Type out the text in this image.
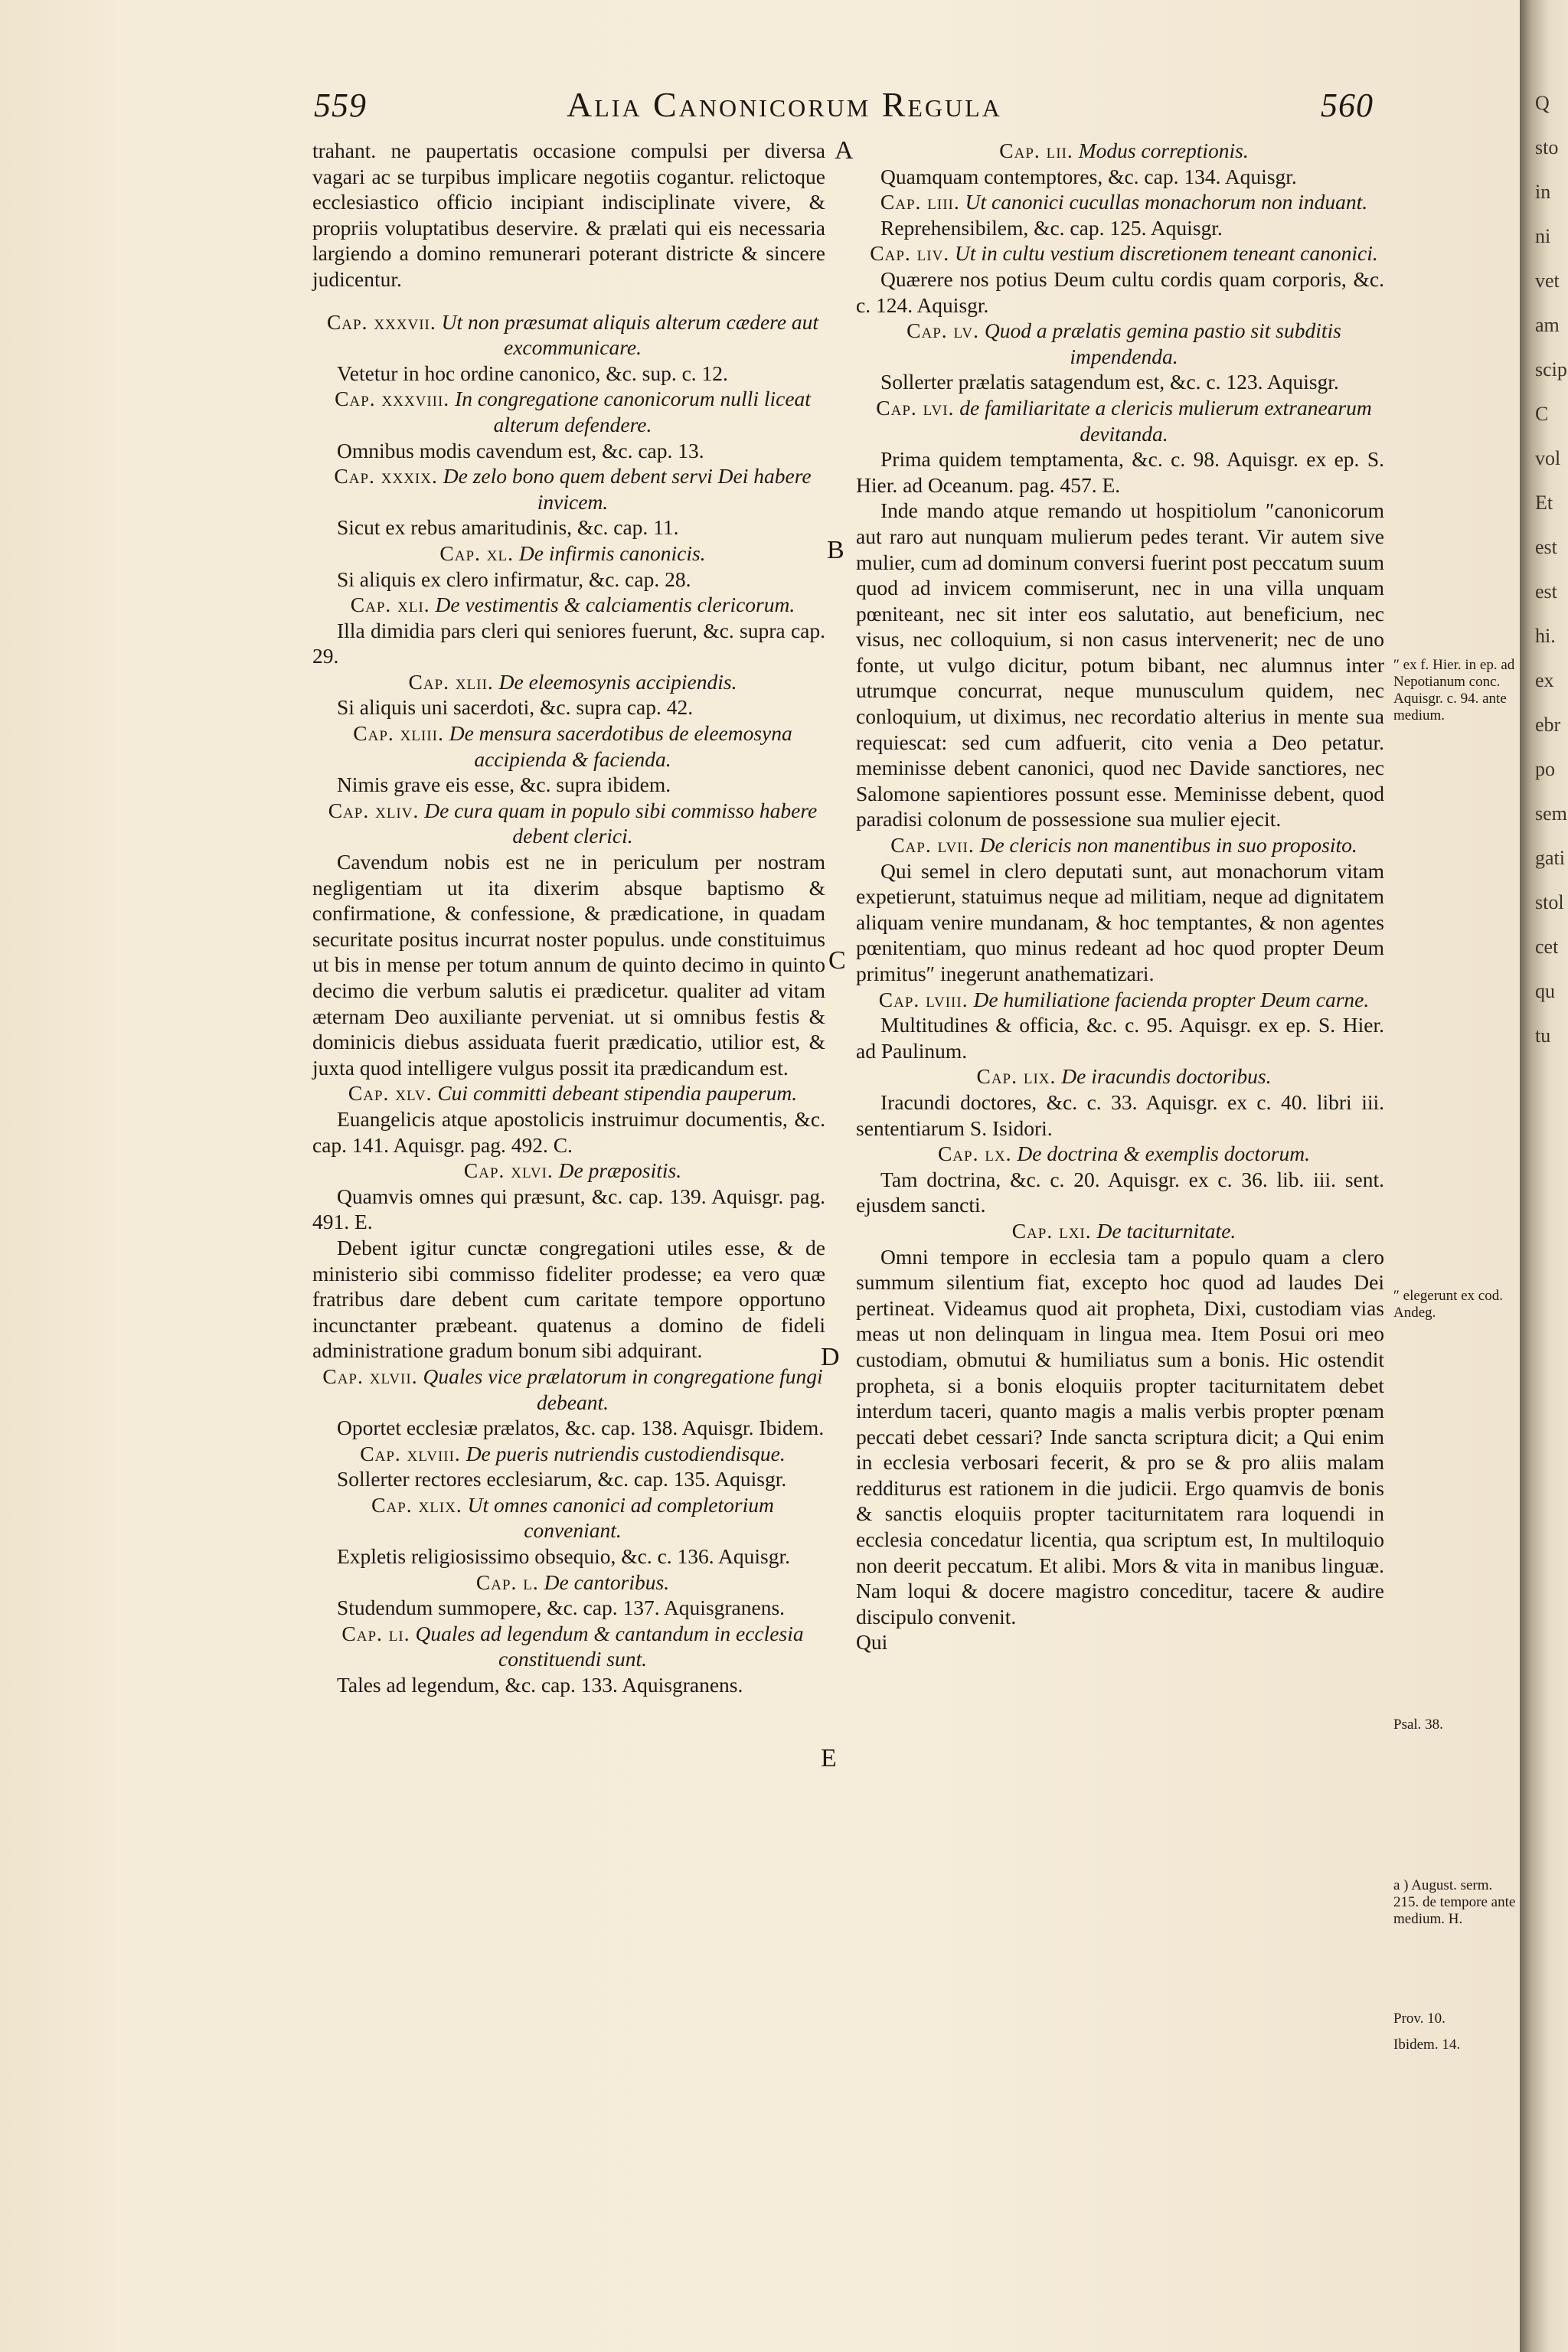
559	Alia Canonicorum Regula	560
A
B
C
D
E

trahant. ne paupertatis occasione compulsi per diversa vagari ac se turpibus implicare negotiis cogantur. relictoque ecclesiastico officio incipiant indisciplinate vivere, & propriis voluptatibus deservire. & prælati qui eis necessaria largiendo a domino remunerari poterant districte & sincere judicentur.

Cap. xxxvii. Ut non præsumat aliquis alterum cædere aut excommunicare.

Vetetur in hoc ordine canonico, &c. sup. c. 12.

Cap. xxxviii. In congregatione canonicorum nulli liceat alterum defendere.

Omnibus modis cavendum est, &c. cap. 13.

Cap. xxxix. De zelo bono quem debent servi Dei habere invicem.

Sicut ex rebus amaritudinis, &c. cap. 11.

Cap. xl. De infirmis canonicis.

Si aliquis ex clero infirmatur, &c. cap. 28.

Cap. xli. De vestimentis & calciamentis clericorum.

Illa dimidia pars cleri qui seniores fuerunt, &c. supra cap. 29.

Cap. xlii. De eleemosynis accipiendis.

Si aliquis uni sacerdoti, &c. supra cap. 42.

Cap. xliii. De mensura sacerdotibus de eleemosyna accipienda & facienda.

Nimis grave eis esse, &c. supra ibidem.

Cap. xliv. De cura quam in populo sibi commisso habere debent clerici.

Cavendum nobis est ne in periculum per nostram negligentiam ut ita dixerim absque baptismo & confirmatione, & confessione, & prædicatione, in quadam securitate positus incurrat noster populus. unde constituimus ut bis in mense per totum annum de quinto decimo in quinto decimo die verbum salutis ei prædicetur. qualiter ad vitam æternam Deo auxiliante perveniat. ut si omnibus festis & dominicis diebus assiduata fuerit prædicatio, utilior est, & juxta quod intelligere vulgus possit ita prædicandum est.

Cap. xlv. Cui committi debeant stipendia pauperum.

Euangelicis atque apostolicis instruimur documentis, &c. cap. 141. Aquisgr. pag. 492. C.

Cap. xlvi. De præpositis.

Quamvis omnes qui præsunt, &c. cap. 139. Aquisgr. pag. 491. E.

Debent igitur cunctæ congregationi utiles esse, & de ministerio sibi commisso fideliter prodesse; ea vero quæ fratribus dare debent cum caritate tempore opportuno incunctanter præbeant. quatenus a domino de fideli administratione gradum bonum sibi adquirant.

Cap. xlvii. Quales vice prælatorum in congregatione fungi debeant.

Oportet ecclesiæ prælatos, &c. cap. 138. Aquisgr. Ibidem.

Cap. xlviii. De pueris nutriendis custodiendisque.

Sollerter rectores ecclesiarum, &c. cap. 135. Aquisgr.

Cap. xlix. Ut omnes canonici ad completorium conveniant.

Expletis religiosissimo obsequio, &c. c. 136. Aquisgr.

Cap. l. De cantoribus.

Studendum summopere, &c. cap. 137. Aquisgranens.

Cap. li. Quales ad legendum & cantandum in ecclesia constituendi sunt.

Tales ad legendum, &c. cap. 133. Aquisgranens.

Cap. lii. Modus correptionis.

Quamquam contemptores, &c. cap. 134. Aquisgr.

Cap. liii. Ut canonici cucullas monachorum non induant.

Reprehensibilem, &c. cap. 125. Aquisgr.

Cap. liv. Ut in cultu vestium discretionem teneant canonici.

Quærere nos potius Deum cultu cordis quam corporis, &c. c. 124. Aquisgr.

Cap. lv. Quod a prælatis gemina pastio sit subditis impendenda.

Sollerter prælatis satagendum est, &c. c. 123. Aquisgr.

Cap. lvi. de familiaritate a clericis mulierum extranearum devitanda.

Prima quidem temptamenta, &c. c. 98. Aquisgr. ex ep. S. Hier. ad Oceanum. pag. 457. E.

Inde mando atque remando ut hospitiolum ″canonicorum aut raro aut nunquam mulierum pedes terant. Vir autem sive mulier, cum ad dominum conversi fuerint post peccatum suum quod ad invicem commiserunt, nec in una villa unquam pœniteant, nec sit inter eos salutatio, aut beneficium, nec visus, nec colloquium, si non casus intervenerit; nec de uno fonte, ut vulgo dicitur, potum bibant, nec alumnus inter utrumque concurrat, neque munusculum quidem, nec conloquium, ut diximus, nec recordatio alterius in mente sua requiescat: sed cum adfuerit, cito venia a Deo petatur. meminisse debent canonici, quod nec Davide sanctiores, nec Salomone sapientiores possunt esse. Meminisse debent, quod paradisi colonum de possessione sua mulier ejecit.

Cap. lvii. De clericis non manentibus in suo proposito.

Qui semel in clero deputati sunt, aut monachorum vitam expetierunt, statuimus neque ad militiam, neque ad dignitatem aliquam venire mundanam, & hoc temptantes, & non agentes pœnitentiam, quo minus redeant ad hoc quod propter Deum primitus″ inegerunt anathematizari.

Cap. lviii. De humiliatione facienda propter Deum carne.

Multitudines & officia, &c. c. 95. Aquisgr. ex ep. S. Hier. ad Paulinum.

Cap. lix. De iracundis doctoribus.

Iracundi doctores, &c. c. 33. Aquisgr. ex c. 40. libri iii. sententiarum S. Isidori.

Cap. lx. De doctrina & exemplis doctorum.

Tam doctrina, &c. c. 20. Aquisgr. ex c. 36. lib. iii. sent. ejusdem sancti.

Cap. lxi. De taciturnitate.

Omni tempore in ecclesia tam a populo quam a clero summum silentium fiat, excepto hoc quod ad laudes Dei pertineat. Videamus quod ait propheta, Dixi, custodiam vias meas ut non delinquam in lingua mea. Item Posui ori meo custodiam, obmutui & humiliatus sum a bonis. Hic ostendit propheta, si a bonis eloquiis propter taciturnitatem debet interdum taceri, quanto magis a malis verbis propter pœnam peccati debet cessari? Inde sancta scriptura dicit; a Qui enim in ecclesia verbosari fecerit, & pro se & pro aliis malam redditurus est rationem in die judicii. Ergo quamvis de bonis & sanctis eloquiis propter taciturnitatem rara loquendi in ecclesia concedatur licentia, qua scriptum est, In multiloquio non deerit peccatum. Et alibi. Mors & vita in manibus linguæ. Nam loqui & docere magistro conceditur, tacere & audire discipulo convenit.

Qui

″ ex f. Hier. in ep. ad Nepotianum conc. Aquisgr. c. 94. ante medium.
″ elegerunt ex cod. Andeg.
Psal. 38.
a ) August. serm. 215. de tempore ante medium. H.
Prov. 10.
Ibidem. 14.
Q
sto
in
ni
vet
am
scip
C
vol
Et
est
est
hi.
ex
ebr
po
sem
gati
stol
cet
qu
tu
